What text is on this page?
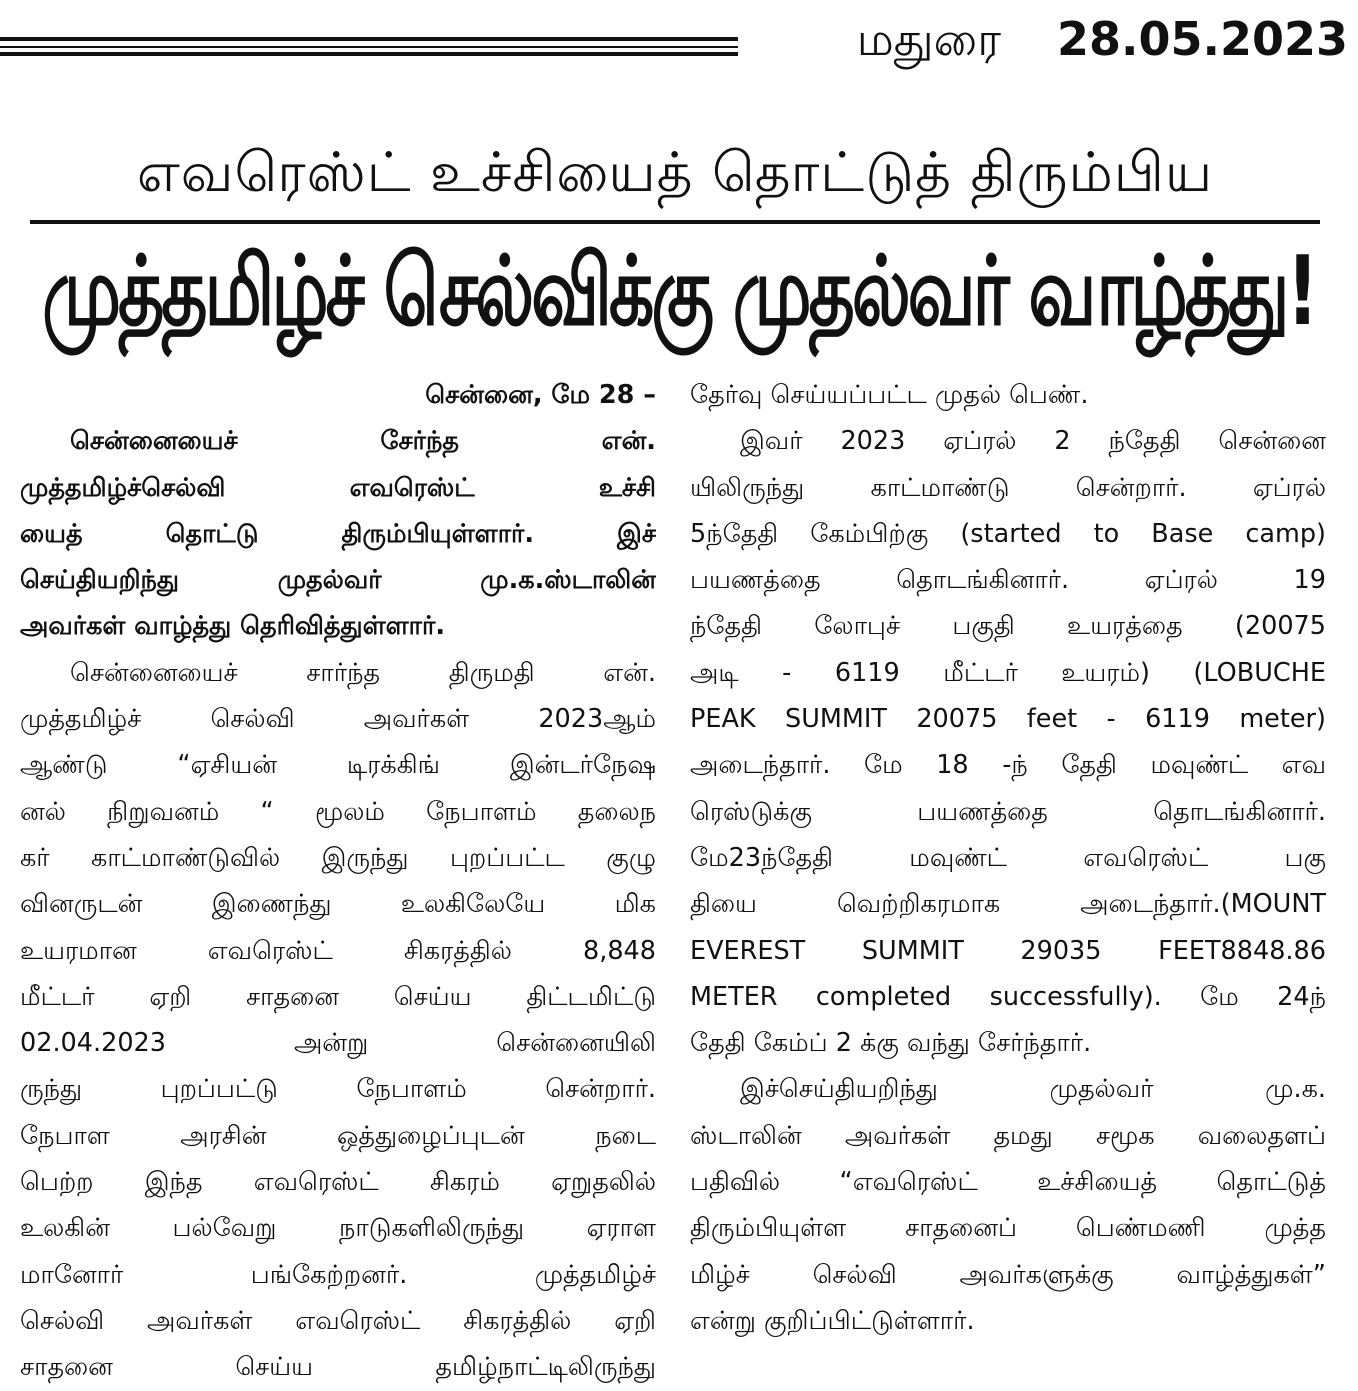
மதுரை 28.05.2023
எவரெஸ்ட் உச்சியைத் தொட்டுத் திரும்பிய
முத்தமிழ்ச் செல்விக்கு முதல்வர் வாழ்த்து!
சென்னை, மே 28 –
சென்னையைச் சேர்ந்த என்.
முத்தமிழ்ச்செல்வி எவரெஸ்ட் உச்சி
யைத் தொட்டு திரும்பியுள்ளார். இச்
செய்தியறிந்து முதல்வர் மு.க.ஸ்டாலின்
அவர்கள் வாழ்த்து தெரிவித்துள்ளார்.
சென்னையைச் சார்ந்த திருமதி என்.
முத்தமிழ்ச் செல்வி அவர்கள் 2023ஆம்
ஆண்டு “ஏசியன் டிரக்கிங் இன்டர்நேஷ
னல் நிறுவனம் “ மூலம் நேபாளம் தலைந
கர் காட்மாண்டுவில் இருந்து புறப்பட்ட குழு
வினருடன் இணைந்து உலகிலேயே மிக
உயரமான எவரெஸ்ட் சிகரத்தில் 8,848
மீட்டர் ஏறி சாதனை செய்ய திட்டமிட்டு
02.04.2023 அன்று சென்னையிலி
ருந்து புறப்பட்டு நேபாளம் சென்றார்.
நேபாள அரசின் ஒத்துழைப்புடன் நடை
பெற்ற இந்த எவரெஸ்ட் சிகரம் ஏறுதலில்
உலகின் பல்வேறு நாடுகளிலிருந்து ஏராள
மானோர் பங்கேற்றனர். முத்தமிழ்ச்
செல்வி அவர்கள் எவரெஸ்ட் சிகரத்தில் ஏறி
சாதனை செய்ய தமிழ்நாட்டிலிருந்து
தேர்வு செய்யப்பட்ட முதல் பெண்.
இவர் 2023 ஏப்ரல் 2 ந்தேதி சென்னை
யிலிருந்து காட்மாண்டு சென்றார். ஏப்ரல்
5ந்தேதி கேம்பிற்கு (started to Base camp)
பயணத்தை தொடங்கினார். ஏப்ரல் 19
ந்தேதி லோபுச் பகுதி உயரத்தை (20075
அடி - 6119 மீட்டர் உயரம்) (LOBUCHE
PEAK SUMMIT 20075 feet - 6119 meter)
அடைந்தார். மே 18 -ந் தேதி மவுண்ட் எவ
ரெஸ்டுக்கு பயணத்தை தொடங்கினார்.
மே23ந்தேதி மவுண்ட் எவரெஸ்ட் பகு
தியை வெற்றிகரமாக அடைந்தார்.(MOUNT
EVEREST SUMMIT 29035 FEET8848.86
METER completed successfully). மே 24ந்
தேதி கேம்ப் 2 க்கு வந்து சேர்ந்தார்.
இச்செய்தியறிந்து முதல்வர் மு.க.
ஸ்டாலின் அவர்கள் தமது சமூக வலைதளப்
பதிவில் “எவரெஸ்ட் உச்சியைத் தொட்டுத்
திரும்பியுள்ள சாதனைப் பெண்மணி முத்த
மிழ்ச் செல்வி அவர்களுக்கு வாழ்த்துகள்”
என்று குறிப்பிட்டுள்ளார்.
